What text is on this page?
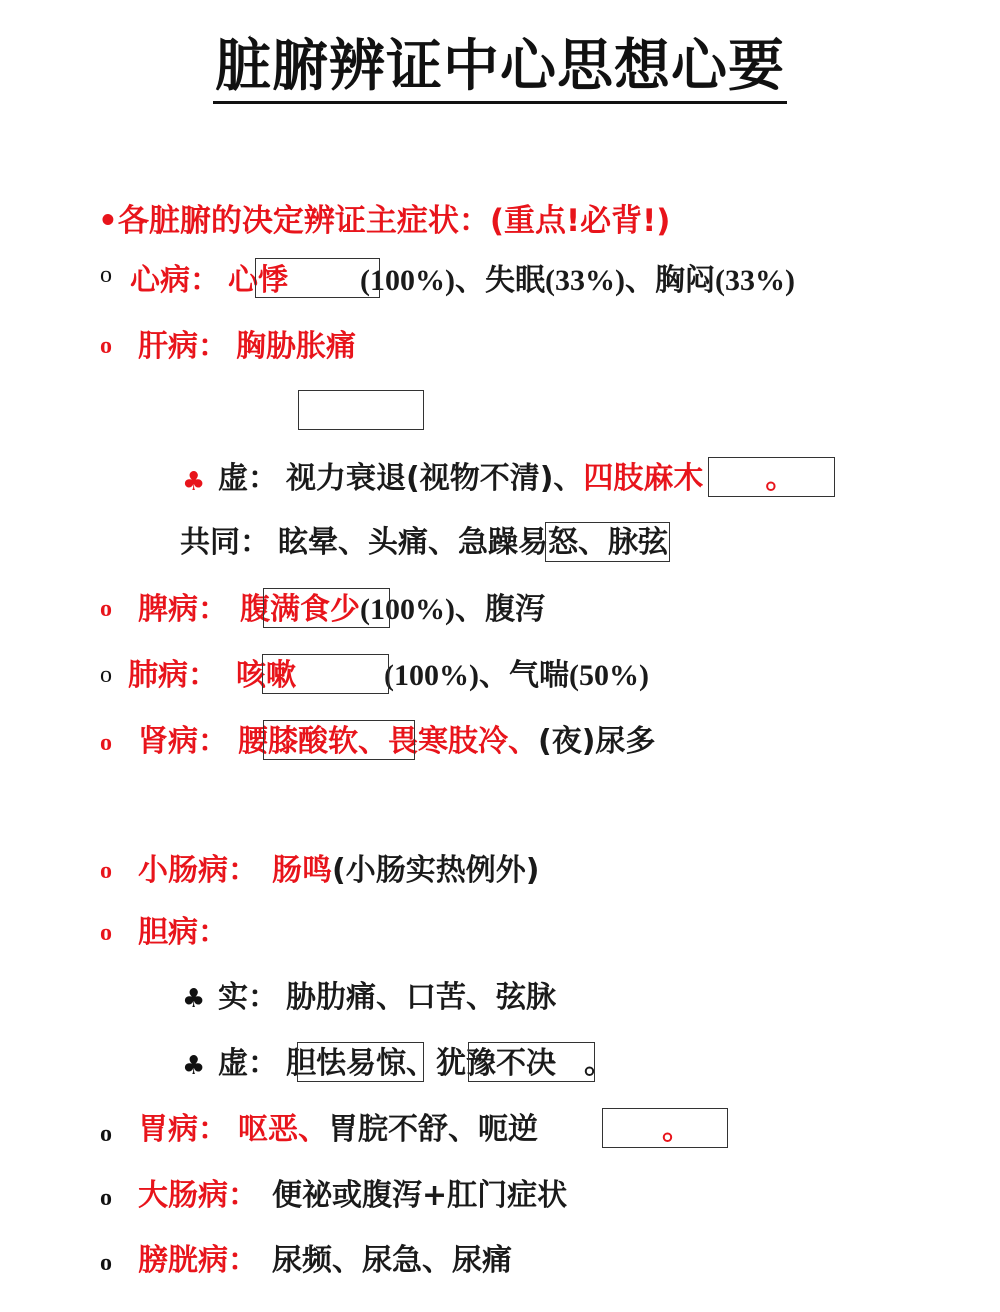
脏腑辨证中心思想心要
•各脏腑的决定辨证主症状：(重点!必背!)
o 心病： 心悸 (100%)、失眠(33%)、胸闷(33%)
o 肝病： 胸胁胀痛
♣ 虚： 视力衰退(视物不清)、四肢麻木 。
共同： 眩晕、头痛、急躁易怒、脉弦
o 脾病： 腹满食少(100%)、腹泻
o 肺病： 咳嗽	(100%)、气喘(50%)
o 肾病： 腰膝酸软、畏寒肢冷、(夜)尿多
o 小肠病： 肠鸣(小肠实热例外)
o 胆病：
♣ 实： 胁肋痛、口苦、弦脉
♣ 虚： 胆怯易惊、犹豫不决 。
o 胃病： 呕恶、胃脘不舒、呃逆	。
o 大肠病： 便祕或腹泻+肛门症状
o 膀胱病： 尿频、尿急、尿痛
